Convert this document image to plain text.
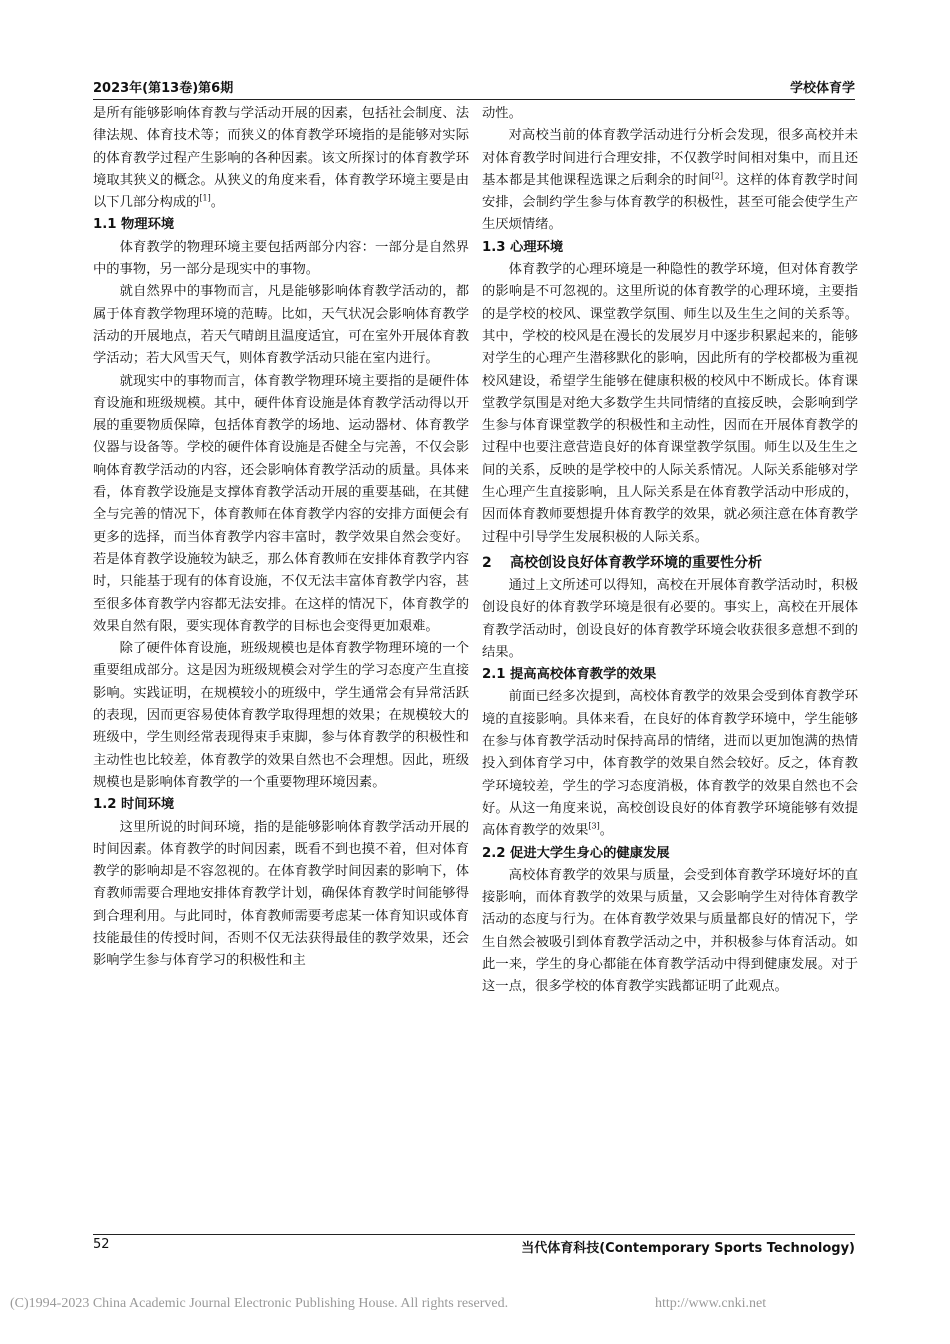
2023年(第13卷)第6期	学校体育学

是所有能够影响体育教与学活动开展的因素，包括社会制度、法律法规、体育技术等；而狭义的体育教学环境指的是能够对实际的体育教学过程产生影响的各种因素。该文所探讨的体育教学环境取其狭义的概念。从狭义的角度来看，体育教学环境主要是由以下几部分构成的[1]。

1.1 物理环境

体育教学的物理环境主要包括两部分内容：一部分是自然界中的事物，另一部分是现实中的事物。

就自然界中的事物而言，凡是能够影响体育教学活动的，都属于体育教学物理环境的范畴。比如，天气状况会影响体育教学活动的开展地点，若天气晴朗且温度适宜，可在室外开展体育教学活动；若大风雪天气，则体育教学活动只能在室内进行。

就现实中的事物而言，体育教学物理环境主要指的是硬件体育设施和班级规模。其中，硬件体育设施是体育教学活动得以开展的重要物质保障，包括体育教学的场地、运动器材、体育教学仪器与设备等。学校的硬件体育设施是否健全与完善，不仅会影响体育教学活动的内容，还会影响体育教学活动的质量。具体来看，体育教学设施是支撑体育教学活动开展的重要基础，在其健全与完善的情况下，体育教师在体育教学内容的安排方面便会有更多的选择，而当体育教学内容丰富时，教学效果自然会变好。若是体育教学设施较为缺乏，那么体育教师在安排体育教学内容时，只能基于现有的体育设施，不仅无法丰富体育教学内容，甚至很多体育教学内容都无法安排。在这样的情况下，体育教学的效果自然有限，要实现体育教学的目标也会变得更加艰难。

除了硬件体育设施，班级规模也是体育教学物理环境的一个重要组成部分。这是因为班级规模会对学生的学习态度产生直接影响。实践证明，在规模较小的班级中，学生通常会有异常活跃的表现，因而更容易使体育教学取得理想的效果；在规模较大的班级中，学生则经常表现得束手束脚，参与体育教学的积极性和主动性也比较差，体育教学的效果自然也不会理想。因此，班级规模也是影响体育教学的一个重要物理环境因素。

1.2 时间环境

这里所说的时间环境，指的是能够影响体育教学活动开展的时间因素。体育教学的时间因素，既看不到也摸不着，但对体育教学的影响却是不容忽视的。在体育教学时间因素的影响下，体育教师需要合理地安排体育教学计划，确保体育教学时间能够得到合理利用。与此同时，体育教师需要考虑某一体育知识或体育技能最佳的传授时间，否则不仅无法获得最佳的教学效果，还会影响学生参与体育学习的积极性和主

动性。

对高校当前的体育教学活动进行分析会发现，很多高校并未对体育教学时间进行合理安排，不仅教学时间相对集中，而且还基本都是其他课程选课之后剩余的时间[2]。这样的体育教学时间安排，会制约学生参与体育教学的积极性，甚至可能会使学生产生厌烦情绪。

1.3 心理环境

体育教学的心理环境是一种隐性的教学环境，但对体育教学的影响是不可忽视的。这里所说的体育教学的心理环境，主要指的是学校的校风、课堂教学氛围、师生以及生生之间的关系等。其中，学校的校风是在漫长的发展岁月中逐步积累起来的，能够对学生的心理产生潜移默化的影响，因此所有的学校都极为重视校风建设，希望学生能够在健康积极的校风中不断成长。体育课堂教学氛围是对绝大多数学生共同情绪的直接反映，会影响到学生参与体育课堂教学的积极性和主动性，因而在开展体育教学的过程中也要注意营造良好的体育课堂教学氛围。师生以及生生之间的关系，反映的是学校中的人际关系情况。人际关系能够对学生心理产生直接影响，且人际关系是在体育教学活动中形成的，因而体育教师要想提升体育教学的效果，就必须注意在体育教学过程中引导学生发展积极的人际关系。

2 高校创设良好体育教学环境的重要性分析

通过上文所述可以得知，高校在开展体育教学活动时，积极创设良好的体育教学环境是很有必要的。事实上，高校在开展体育教学活动时，创设良好的体育教学环境会收获很多意想不到的结果。

2.1 提高高校体育教学的效果

前面已经多次提到，高校体育教学的效果会受到体育教学环境的直接影响。具体来看，在良好的体育教学环境中，学生能够在参与体育教学活动时保持高昂的情绪，进而以更加饱满的热情投入到体育学习中，体育教学的效果自然会较好。反之，体育教学环境较差，学生的学习态度消极，体育教学的效果自然也不会好。从这一角度来说，高校创设良好的体育教学环境能够有效提高体育教学的效果[3]。

2.2 促进大学生身心的健康发展

高校体育教学的效果与质量，会受到体育教学环境好坏的直接影响，而体育教学的效果与质量，又会影响学生对待体育教学活动的态度与行为。在体育教学效果与质量都良好的情况下，学生自然会被吸引到体育教学活动之中，并积极参与体育活动。如此一来，学生的身心都能在体育教学活动中得到健康发展。对于这一点，很多学校的体育教学实践都证明了此观点。

52	当代体育科技(Contemporary Sports Technology)
(C)1994-2023 China Academic Journal Electronic Publishing House. All rights reserved.	http://www.cnki.net
